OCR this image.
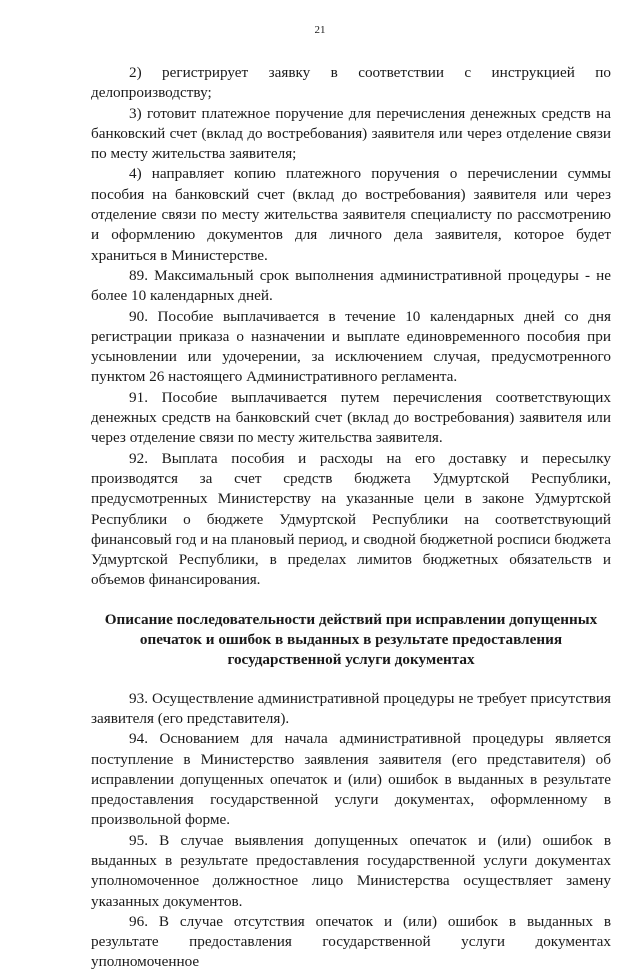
21

2) регистрирует заявку в соответствии с инструкцией по делопроизводству;

3) готовит платежное поручение для перечисления денежных средств на банковский счет (вклад до востребования) заявителя или через отделение связи по месту жительства заявителя;

4) направляет копию платежного поручения о перечислении суммы пособия на банковский счет (вклад до востребования) заявителя или через отделение связи по месту жительства заявителя специалисту по рассмотрению и оформлению документов для личного дела заявителя, которое будет храниться в Министерстве.

89. Максимальный срок выполнения административной процедуры - не более 10 календарных дней.

90. Пособие выплачивается в течение 10 календарных дней со дня регистрации приказа о назначении и выплате единовременного пособия при усыновлении или удочерении, за исключением случая, предусмотренного пунктом 26 настоящего Административного регламента.

91. Пособие выплачивается путем перечисления соответствующих денежных средств на банковский счет (вклад до востребования) заявителя или через отделение связи по месту жительства заявителя.

92. Выплата пособия и расходы на его доставку и пересылку производятся за счет средств бюджета Удмуртской Республики, предусмотренных Министерству на указанные цели в законе Удмуртской Республики о бюджете Удмуртской Республики на соответствующий финансовый год и на плановый период, и сводной бюджетной росписи бюджета Удмуртской Республики, в пределах лимитов бюджетных обязательств и объемов финансирования.

Описание последовательности действий при исправлении допущенных опечаток и ошибок в выданных в результате предоставления государственной услуги документах

93. Осуществление административной процедуры не требует присутствия заявителя (его представителя).

94. Основанием для начала административной процедуры является поступление в Министерство заявления заявителя (его представителя) об исправлении допущенных опечаток и (или) ошибок в выданных в результате предоставления государственной услуги документах, оформленному в произвольной форме.

95. В случае выявления допущенных опечаток и (или) ошибок в выданных в результате предоставления государственной услуги документах уполномоченное должностное лицо Министерства осуществляет замену указанных документов.

96. В случае отсутствия опечаток и (или) ошибок в выданных в результате предоставления государственной услуги документах уполномоченное
